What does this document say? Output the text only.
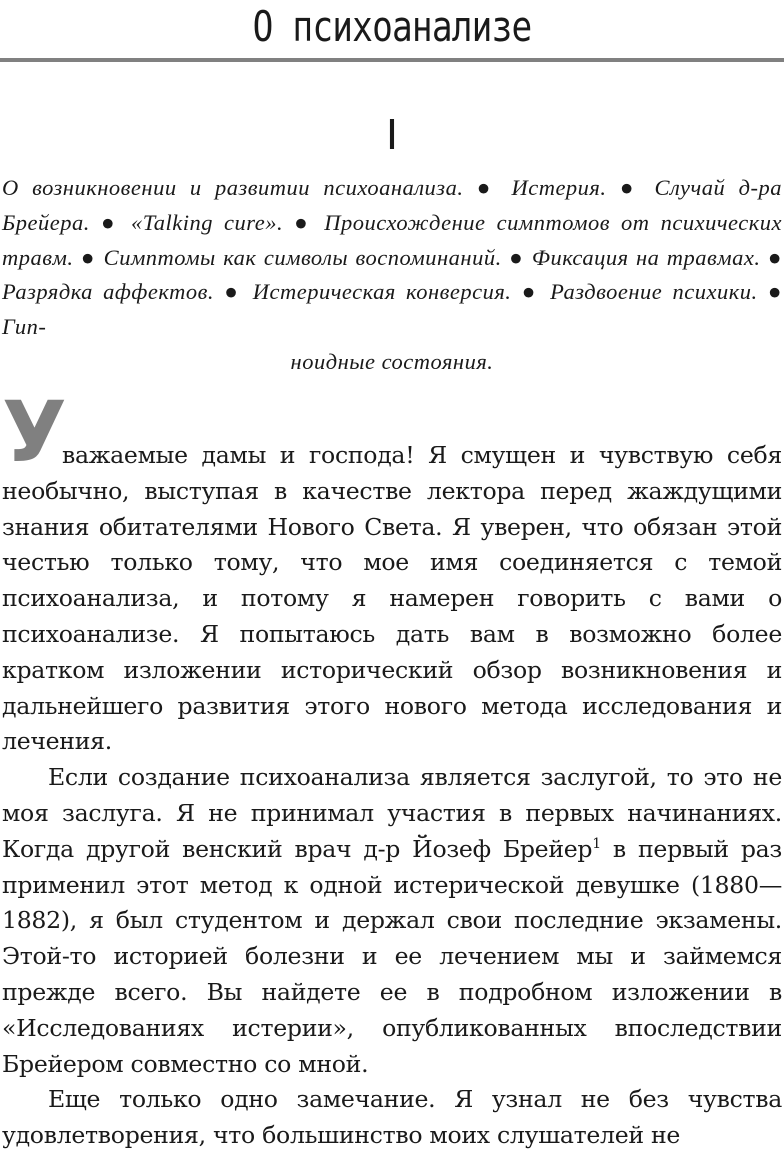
О психоанализе
I
О возникновении и развитии психоанализа. ● Истерия. ● Случай д-ра Брейера. ● «Talking cure». ● Происхождение симптомов от психических травм. ● Симптомы как символы воспоминаний. ● Фиксация на травмах. ● Разрядка аффектов. ● Истерическая конверсия. ● Раздвоение психики. ● Гип-
ноидные состояния.
У

важаемые дамы и господа! Я смущен и чувствую себя необычно, выступая в качестве лектора перед жаждущими знания обитателями Нового Света. Я уверен, что обязан этой честью только тому, что мое имя соединяется с темой психоанализа, и потому я намерен говорить с вами о психоанализе. Я попытаюсь дать вам в возможно более кратком изложении исторический обзор возникновения и дальнейшего развития этого нового метода исследования и лечения.

Если создание психоанализа является заслугой, то это не моя заслуга. Я не принимал участия в первых начинаниях. Когда другой венский врач д-р Йозеф Брейер$^1$ в первый раз применил этот метод к одной истерической девушке (1880—1882), я был студентом и держал свои последние экзамены. Этой-то историей болезни и ее лечением мы и займемся прежде всего. Вы найдете ее в подробном изложении в «Исследованиях истерии», опубликованных впоследствии Брейером совместно со мной.

Еще только одно замечание. Я узнал не без чувства удовлетворения, что большинство моих слушателей не
